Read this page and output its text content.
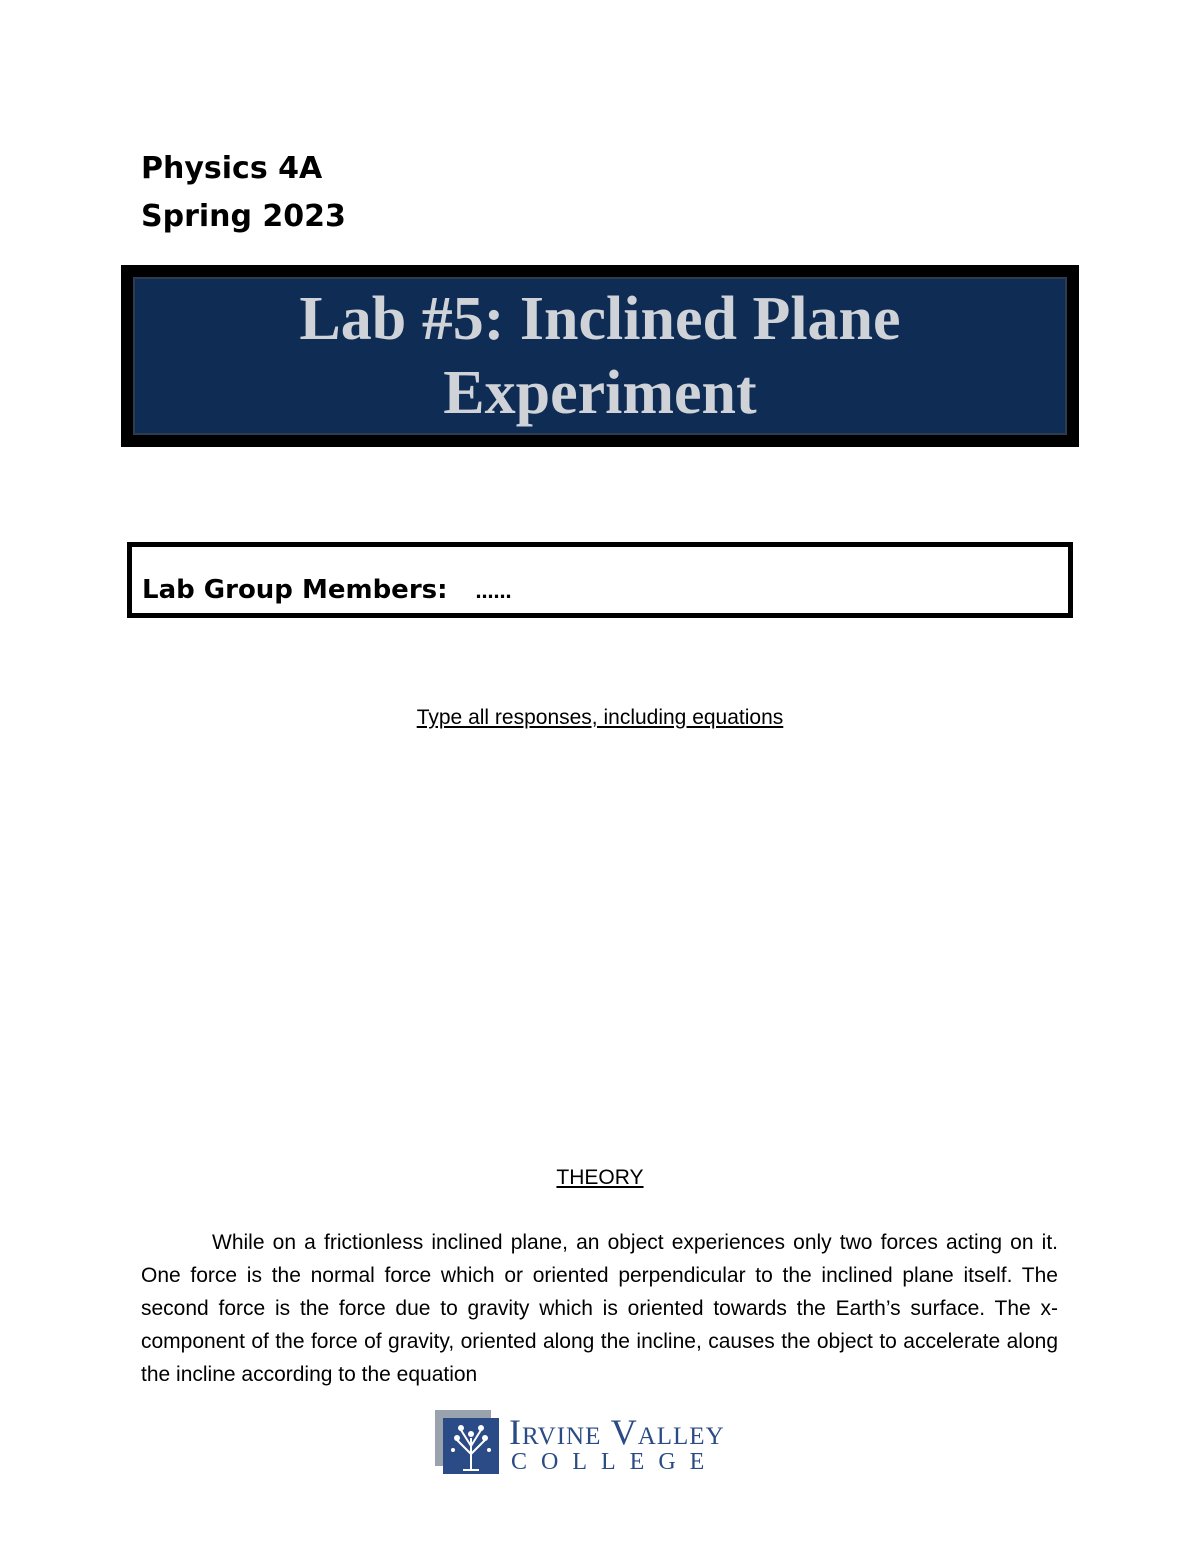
Physics 4A
Spring 2023

Lab #5: Inclined Plane
Experiment

Lab Group Members: ……
Type all responses, including equations
THEORY

While on a frictionless inclined plane, an object experiences only two forces acting on it. One force is the normal force which or oriented perpendicular to the inclined plane itself. The second force is the force due to gravity which is oriented towards the Earth’s surface. The x-component of the force of gravity, oriented along the incline, causes the object to accelerate along the incline according to the equation

Irvine Valley
COLLEGE
